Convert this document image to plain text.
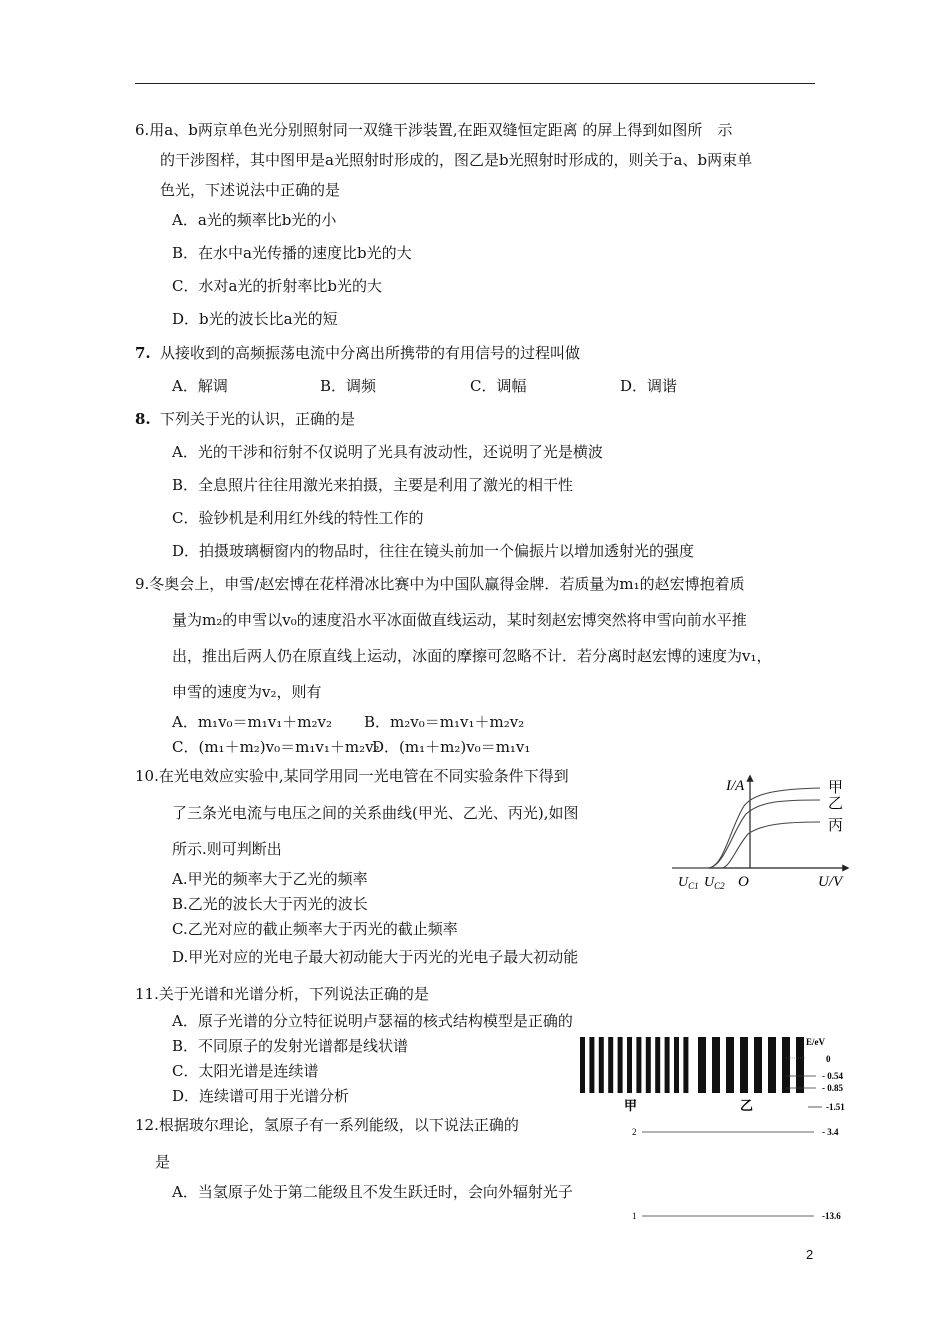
6.用a、b两京单色光分别照射同一双缝干涉装置,在距双缝恒定距离 的屏上得到如图所　示
的干涉图样，其中图甲是a光照射时形成的，图乙是b光照射时形成的，则关于a、b两束单
色光，下述说法中正确的是
A．a光的频率比b光的小
B．在水中a光传播的速度比b光的大
C．水对a光的折射率比b光的大
D．b光的波长比a光的短
7. 从接收到的高频振荡电流中分离出所携带的有用信号的过程叫做
A．解调	B．调频	C．调幅	D．调谐
8. 下列关于光的认识，正确的是
A．光的干涉和衍射不仅说明了光具有波动性，还说明了光是横波
B．全息照片往往用激光来拍摄，主要是利用了激光的相干性
C．验钞机是利用红外线的特性工作的
D．拍摄玻璃橱窗内的物品时，往往在镜头前加一个偏振片以增加透射光的强度
9.冬奥会上，申雪/赵宏博在花样滑冰比赛中为中国队赢得金牌．若质量为m₁的赵宏博抱着质
量为m₂的申雪以v₀的速度沿水平冰面做直线运动，某时刻赵宏博突然将申雪向前水平推
出，推出后两人仍在原直线上运动，冰面的摩擦可忽略不计．若分离时赵宏博的速度为v₁，
申雪的速度为v₂，则有
A．m₁v₀＝m₁v₁＋m₂v₂ B．m₂v₀＝m₁v₁＋m₂v₂
C．(m₁＋m₂)v₀＝m₁v₁＋m₂v₂
D．(m₁＋m₂)v₀＝m₁v₁
10.在光电效应实验中,某同学用同一光电管在不同实验条件下得到
了三条光电流与电压之间的关系曲线(甲光、乙光、丙光),如图
所示.则可判断出
A.甲光的频率大于乙光的频率
B.乙光的波长大于丙光的波长
C.乙光对应的截止频率大于丙光的截止频率
D.甲光对应的光电子最大初动能大于丙光的光电子最大初动能
I/A
U/V
O
$U_{C1}$ $U_{C2}$
甲
乙
丙
11.关于光谱和光谱分析，下列说法正确的是
A．原子光谱的分立特征说明卢瑟福的核式结构模型是正确的
B．不同原子的发射光谱都是线状谱
C．太阳光谱是连续谱
D．连续谱可用于光谱分析
甲	乙
E/eV
0
- 0.54
- 0.85
-1.51
2	- 3.4
1	-13.6
12.根据玻尔理论，氢原子有一系列能级，以下说法正确的
是
A．当氢原子处于第二能级且不发生跃迁时，会向外辐射光子
2
